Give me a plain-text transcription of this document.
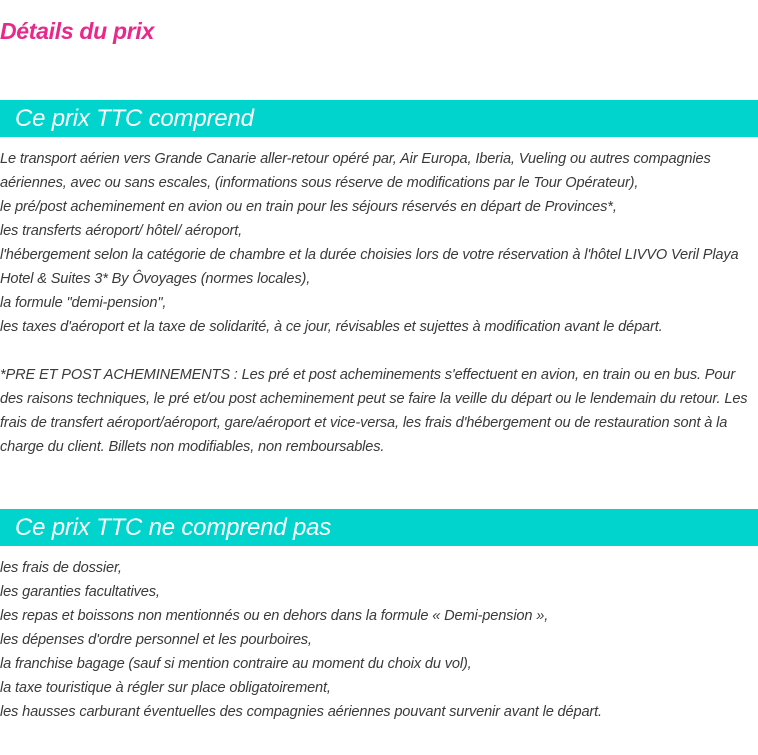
Détails du prix
Ce prix TTC comprend

Le transport aérien vers Grande Canarie aller-retour opéré par, Air Europa, Iberia, Vueling ou autres compagnies aériennes, avec ou sans escales, (informations sous réserve de modifications par le Tour Opérateur),

le pré/post acheminement en avion ou en train pour les séjours réservés en départ de Provinces*,

les transferts aéroport/ hôtel/ aéroport,

l'hébergement selon la catégorie de chambre et la durée choisies lors de votre réservation à l'hôtel LIVVO Veril Playa Hotel & Suites 3* By Ôvoyages (normes locales),

la formule "demi-pension",

les taxes d'aéroport et la taxe de solidarité, à ce jour, révisables et sujettes à modification avant le départ.

*PRE ET POST ACHEMINEMENTS : Les pré et post acheminements s'effectuent en avion, en train ou en bus. Pour des raisons techniques, le pré et/ou post acheminement peut se faire la veille du départ ou le lendemain du retour. Les frais de transfert aéroport/aéroport, gare/aéroport et vice-versa, les frais d'hébergement ou de restauration sont à la charge du client. Billets non modifiables, non remboursables.

Ce prix TTC ne comprend pas

les frais de dossier,

les garanties facultatives,

les repas et boissons non mentionnés ou en dehors dans la formule « Demi-pension »,

les dépenses d'ordre personnel et les pourboires,

la franchise bagage (sauf si mention contraire au moment du choix du vol),

la taxe touristique à régler sur place obligatoirement,

les hausses carburant éventuelles des compagnies aériennes pouvant survenir avant le départ.
